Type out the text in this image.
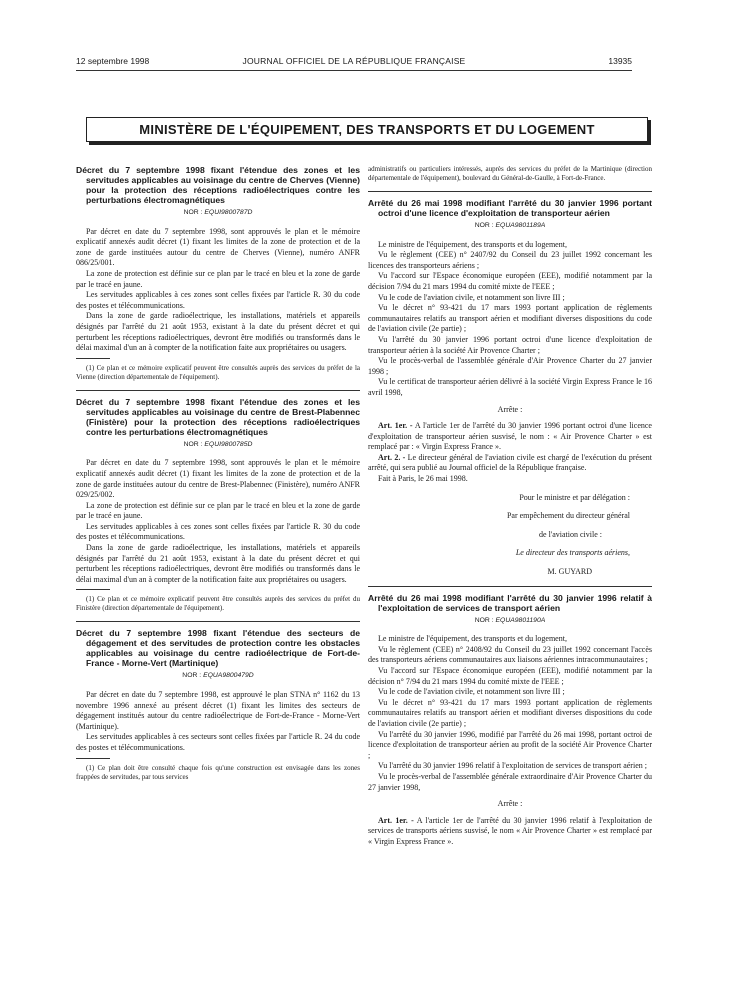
12 septembre 1998	JOURNAL OFFICIEL DE LA RÉPUBLIQUE FRANÇAISE	13935
MINISTÈRE DE L'ÉQUIPEMENT, DES TRANSPORTS ET DU LOGEMENT

Décret du 7 septembre 1998 fixant l'étendue des zones et les servitudes applicables au voisinage du centre de Cherves (Vienne) pour la protection des réceptions radioélectriques contre les perturbations électromagnétiques

NOR : EQUI9800787D

Par décret en date du 7 septembre 1998, sont approuvés le plan et le mémoire explicatif annexés audit décret (1) fixant les limites de la zone de protection et de la zone de garde instituées autour du centre de Cherves (Vienne), numéro ANFR 086/25/001.

La zone de protection est définie sur ce plan par le tracé en bleu et la zone de garde par le tracé en jaune.

Les servitudes applicables à ces zones sont celles fixées par l'article R. 30 du code des postes et télécommunications.

Dans la zone de garde radioélectrique, les installations, matériels et appareils désignés par l'arrêté du 21 août 1953, existant à la date du présent décret et qui perturbent les réceptions radioélectriques, devront être modifiés ou transformés dans le délai maximal d'un an à compter de la notification faite aux propriétaires ou usagers.

(1) Ce plan et ce mémoire explicatif peuvent être consultés auprès des services du préfet de la Vienne (direction départementale de l'équipement).

Décret du 7 septembre 1998 fixant l'étendue des zones et les servitudes applicables au voisinage du centre de Brest-Plabennec (Finistère) pour la protection des réceptions radioélectriques contre les perturbations électromagnétiques

NOR : EQUI9800785D

Par décret en date du 7 septembre 1998, sont approuvés le plan et le mémoire explicatif annexés audit décret (1) fixant les limites de la zone de protection et de la zone de garde instituées autour du centre de Brest-Plabennec (Finistère), numéro ANFR 029/25/002.

La zone de protection est définie sur ce plan par le tracé en bleu et la zone de garde par le tracé en jaune.

Les servitudes applicables à ces zones sont celles fixées par l'article R. 30 du code des postes et télécommunications.

Dans la zone de garde radioélectrique, les installations, matériels et appareils désignés par l'arrêté du 21 août 1953, existant à la date du présent décret et qui perturbent les réceptions radioélectriques, devront être modifiés ou transformés dans le délai maximal d'un an à compter de la notification faite aux propriétaires ou usagers.

(1) Ce plan et ce mémoire explicatif peuvent être consultés auprès des services du préfet du Finistère (direction départementale de l'équipement).

Décret du 7 septembre 1998 fixant l'étendue des secteurs de dégagement et des servitudes de protection contre les obstacles applicables au voisinage du centre radioélectrique de Fort-de-France - Morne-Vert (Martinique)

NOR : EQUA9800479D

Par décret en date du 7 septembre 1998, est approuvé le plan STNA n° 1162 du 13 novembre 1996 annexé au présent décret (1) fixant les limites des secteurs de dégagement institués autour du centre radioélectrique de Fort-de-France - Morne-Vert (Martinique).

Les servitudes applicables à ces secteurs sont celles fixées par l'article R. 24 du code des postes et télécommunications.

(1) Ce plan doit être consulté chaque fois qu'une construction est envisagée dans les zones frappées de servitudes, par tous services

administratifs ou particuliers intéressés, auprès des services du préfet de la Martinique (direction départementale de l'équipement), boulevard du Général-de-Gaulle, à Fort-de-France.

Arrêté du 26 mai 1998 modifiant l'arrêté du 30 janvier 1996 portant octroi d'une licence d'exploitation de transporteur aérien

NOR : EQUA9801189A

Le ministre de l'équipement, des transports et du logement,

Vu le règlement (CEE) n° 2407/92 du Conseil du 23 juillet 1992 concernant les licences des transporteurs aériens ;

Vu l'accord sur l'Espace économique européen (EEE), modifié notamment par la décision 7/94 du 21 mars 1994 du comité mixte de l'EEE ;

Vu le code de l'aviation civile, et notamment son livre III ;

Vu le décret n° 93-421 du 17 mars 1993 portant application de règlements communautaires relatifs au transport aérien et modifiant diverses dispositions du code de l'aviation civile (2e partie) ;

Vu l'arrêté du 30 janvier 1996 portant octroi d'une licence d'exploitation de transporteur aérien à la société Air Provence Charter ;

Vu le procès-verbal de l'assemblée générale d'Air Provence Charter du 27 janvier 1998 ;

Vu le certificat de transporteur aérien délivré à la société Virgin Express France le 16 avril 1998,

Arrête :

Art. 1er. - A l'article 1er de l'arrêté du 30 janvier 1996 portant octroi d'une licence d'exploitation de transporteur aérien susvisé, le nom : « Air Provence Charter » est remplacé par : « Virgin Express France ».

Art. 2. - Le directeur général de l'aviation civile est chargé de l'exécution du présent arrêté, qui sera publié au Journal officiel de la République française.

Fait à Paris, le 26 mai 1998.

Pour le ministre et par délégation :

Par empêchement du directeur général

de l'aviation civile :

Le directeur des transports aériens,

M. GUYARD

Arrêté du 26 mai 1998 modifiant l'arrêté du 30 janvier 1996 relatif à l'exploitation de services de transport aérien

NOR : EQUA9801190A

Le ministre de l'équipement, des transports et du logement,

Vu le règlement (CEE) n° 2408/92 du Conseil du 23 juillet 1992 concernant l'accès des transporteurs aériens communautaires aux liaisons aériennes intracommunautaires ;

Vu l'accord sur l'Espace économique européen (EEE), modifié notamment par la décision n° 7/94 du 21 mars 1994 du comité mixte de l'EEE ;

Vu le code de l'aviation civile, et notamment son livre III ;

Vu le décret n° 93-421 du 17 mars 1993 portant application de règlements communautaires relatifs au transport aérien et modifiant diverses dispositions du code de l'aviation civile (2e partie) ;

Vu l'arrêté du 30 janvier 1996, modifié par l'arrêté du 26 mai 1998, portant octroi de licence d'exploitation de transporteur aérien au profit de la société Air Provence Charter ;

Vu l'arrêté du 30 janvier 1996 relatif à l'exploitation de services de transport aérien ;

Vu le procès-verbal de l'assemblée générale extraordinaire d'Air Provence Charter du 27 janvier 1998,

Arrête :

Art. 1er. - A l'article 1er de l'arrêté du 30 janvier 1996 relatif à l'exploitation de services de transports aériens susvisé, le nom « Air Provence Charter » est remplacé par « Virgin Express France ».
